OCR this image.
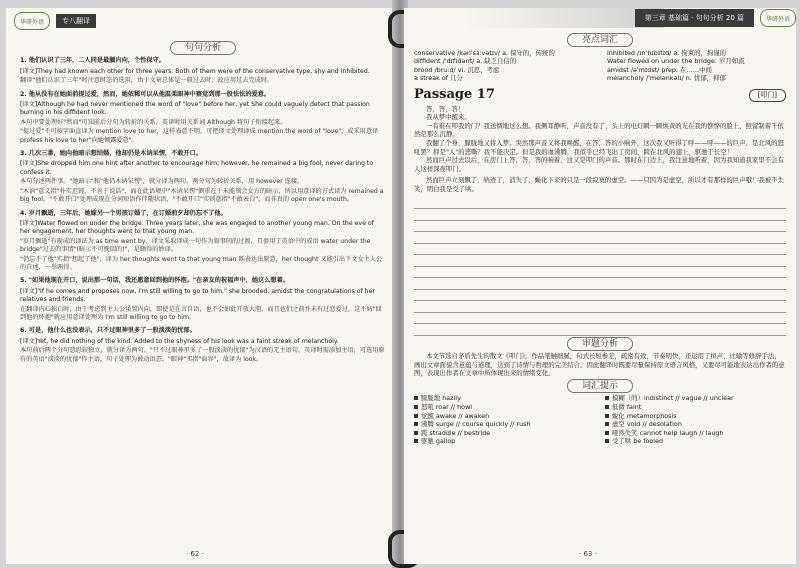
华研外语	专八翻译
句句分析
1. 他们认识了三年，二人同是最腼内向，个性保守。
[译文]They had known each other for three years. Both of them were of the conservative type, shy and inhibited.
翻译"他们认识了三年"时注意时态的选用，由于文章总体是一般过去时，故应用过去完成时。
2. 他从没有在她面前提过爱，然而，她依稀可以从他温柔眼神中察觉到那一股怯怯的爱意。
[译文]Although he had never mentioned the word of "love" before her, yet She could vaguely detect that passion burning in his diffident look.
本句中要处理好"然而"可知前后分句为转折的关系，英译时用关系词 Although 将句子衔接起来。
"提过爱"不可按字面直译为 mention love to her，这样表意不明，可把译文处理译成 mention the word of "love"，或采用意译 profess his love to her"向她倾露爱意"。
3. 几次三番，她向他暗示想结婚，他却仍是木讷呆愣，不敢开口。
[译文]She dropped him one hint after another to encourage him; however, he remained a big fool, never daring to confess it.
本句分述两件事。"她暗示"和"他仍木讷呆愣"，就分译为两句。两分句为转折关系，用 however 连接。
"木讷"意义指"朴实迟钝，不善于说话"，而在此语境中"木讷呆愣"侧重在于未能领会女方的暗示，所以用意译的方式译为 remained a big fool。"不敢开口"处理成现在分词短语作伴随状语，"不敢开口"实则意指"不敢表白"，而非真的 open one's mouth。
4. 岁月飘逝，三年后，她嫁另一个男孩订婚了，在订婚前夕却仍忘不了他。
[译文]Water flowed on under the bridge. Three years later, she was engaged to another young man. On the eve of her engagement, her thoughts went to that young man.
"岁月飘逝"有现成的译法为 as time went by，译文采取译成一句作为叙事间的过渡，且套用了英语中的成语 water under the bridge"过去的事情"(暗示不可挽回的)"，是颇得的妙译。
"仍忘不了他"实指"想起了他"，译为 her thoughts went to that young man 既表达出原意，her thought 又能引出下文女主人公的自述，一举两得。
5. "如果他现在开口，说出那一句话，我还愿意回到他的怀抱。"在亲友的祝福声中，她这么想着。
[译文]"If he comes and proposes now, I'm still willing to go to him," she brooded, amidst the congratulations of her relatives and friends.
在翻译内心独白时，由于考虑到主人公虽置内向，即使是在言自语，也不会如此开放大胆，而且也们之前并未有过恋爱过，这不妨"回到他的怀抱"就应用意译处理为 I'm still willing to go to him。
6. 可是，他什么也没表示，只不过眼神里多了一股淡淡的忧郁。
[译文]Yet, he did nothing of the kind. Added to the shyness of his look was a faint streak of melancholy.
本句前后两个分句意思较独立，就分译为两句。"只不过眼神里多了一股淡淡的忧郁"为汉语的无主语句，英译时需添加主语，可选用原有的英语"淡淡的忧郁"作主语，句子处理为被动语态。"眼神"实指"面容"，故译为 look。
· 62 ·
第三章 基础篇 · 句句分析 20 篇	华研外语
亮点词汇
conservative /kən'sɜ:vətɪv/ a. 保守的，传统的	inhibited /ɪn'hɪbɪtɪd/ a. 拘束的，拘谨的
diffident /'dɪfɪdənt/ a. 缺乏自信的	Water flowed on under the bridge. 岁月如流
brood /bru:d/ vi. 沉思，考虑	amidst /ə'mɪdst/ prep. 在……中间
a streak of 几分	melancholy /'melənkəlɪ/ n. 忧郁，抑郁
Passage 17	[叩门]

答，答，答！

我从梦中醒来。

一有谁在叩我的门？我送惆地这么想。我侧耳静听，声音没有了，头上的电灯瞬一瞬焕黄的光在我的憔悴的脸上，照留制着千依然是那么沉静。

我翻了个身，朦胧地又将入梦。突然那声音又将我唤醒，在答，答的小响外，这次我又听得了呼——呼——的巨声，是北风的怒吼罢？抑是"人"的悲嘶？我不能决定。但是我的血沸腾，我似乎已经飞出了房间，跨在北风的翅上，驱驰于长空！

然而巨声过去以后，在房门上答，答，答的响着，这又是叩门的声音。那时在门边上，我注意地听着，因为我知道我家里不会有人这样深夜叩门。

然而巨声立刻飘了，轨迹了，消失了，蝇化下来的只是一段寂寞的虚空。——只因为是虚空，所以才有那样的巨声哦！我被不失笑，明白我是受了哄。

审题分析
本文节选自茅盾先生的散文《叩门》，作品笔触细腻，句式长短参差，疏密有致，节奏明快，还运用了拟声、比喻等修辞手法，画出文章面貌含意蕴与道理，达到了诗情与哲理的完美结合。因此翻译时既要尽量保持原文语言风格，又要尽可能地表达出作者的意图，表现出作者在文章中所体现出来的情绪变化。
词汇提示
朦胧地 hazily	模糊（的）indistinct // vague // unclear
怒吼 roar // howl	低微 faint
觉醒 awake // awaken	蜕化 metamorphosis
沸腾 surge // course quickly // rush	虚空 void // desolation
跨 straddle // bestride	哑然失笑 cannot help laugh // laugh
驱驰 gallop	受了哄 be fooled
· 63 ·
